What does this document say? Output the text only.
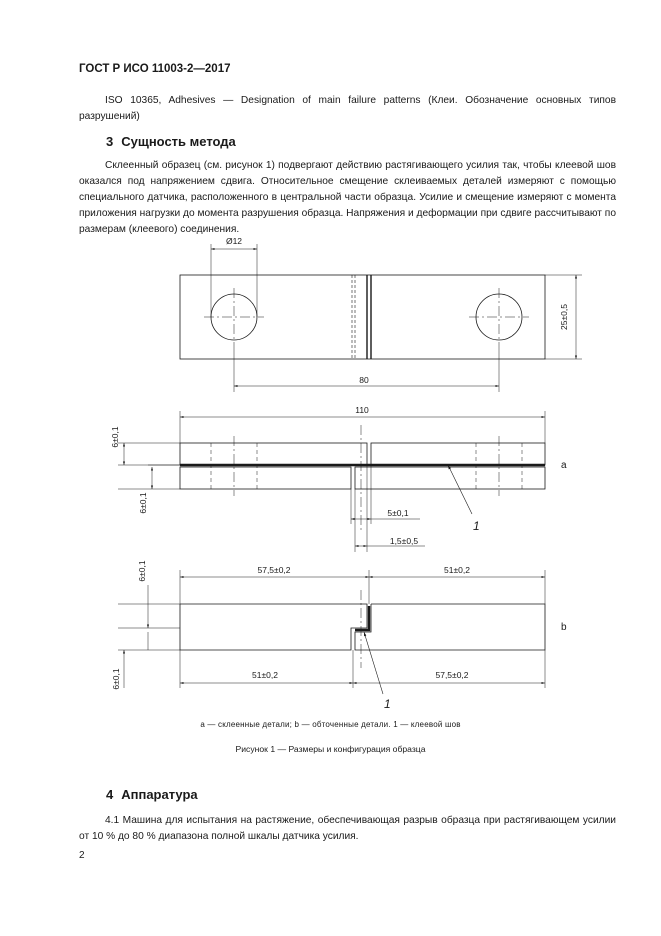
ГОСТ Р ИСО 11003-2—2017
ISO 10365, Adhesives — Designation of main failure patterns (Клеи. Обозначение основных типов разрушений)
3 Сущность метода
Склеенный образец (см. рисунок 1) подвергают действию растягивающего усилия так, чтобы клеевой шов оказался под напряжением сдвига. Относительное смещение склеиваемых деталей измеряют с помощью специального датчика, расположенного в центральной части образца. Усилие и смещение измеряют с момента приложения нагрузки до момента разрушения образца. Напряжения и деформации при сдвиге рассчитывают по размерам (клеевого) соединения.
Ø12
25±0,5
80
110
6±0,1
6±0,1	5±0,1
1,5±0,5
57,5±0,2	51±0,2
51±0,2	57,5±0,2
6±0,1
6±0,1
a
b
1
1
a — склеенные детали; b — обточенные детали. 1 — клеевой шов
Рисунок 1 — Размеры и конфигурация образца
4 Аппаратура
4.1 Машина для испытания на растяжение, обеспечивающая разрыв образца при растягивающем усилии от 10 % до 80 % диапазона полной шкалы датчика усилия.
2
